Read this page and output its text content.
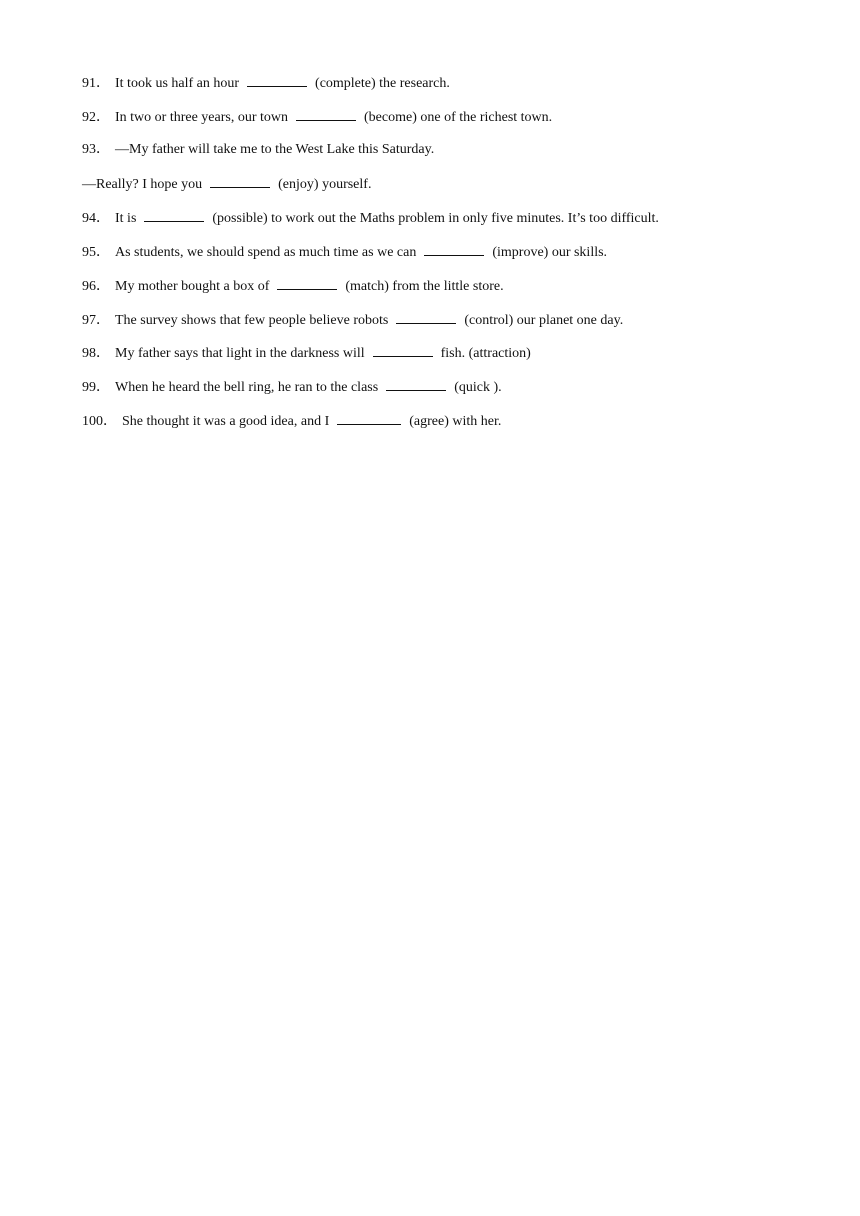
91． It took us half an hour	(complete) the research.
92． In two or three years, our town	(become) one of the richest town.
93． —My father will take me to the West Lake this Saturday.
—Really? I hope you	(enjoy) yourself.
94． It is	(possible) to work out the Maths problem in only five minutes. It’s too difficult.
95． As students, we should spend as much time as we can	(improve) our skills.
96． My mother bought a box of	(match) from the little store.
97． The survey shows that few people believe robots	(control) our planet one day.
98． My father says that light in the darkness will	fish. (attraction)
99． When he heard the bell ring, he ran to the class	(quick ).
100． She thought it was a good idea, and I	(agree) with her.
